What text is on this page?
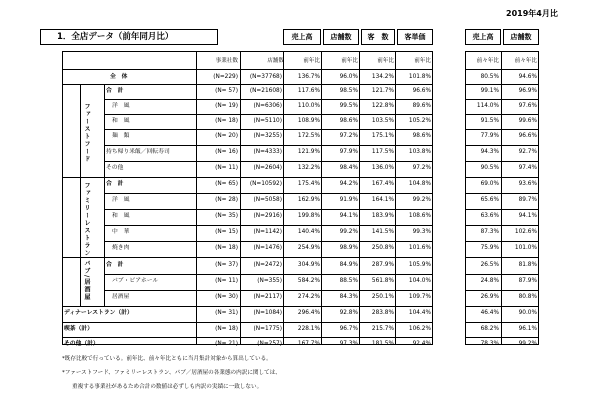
2019年4月比
1．全店データ（前年同月比）	売上高	店舗数	客　数	客単価	売上高	店舗数
事業社数	店舗数	前年比	前年比	前年比	前年比	前々年比	前々年比
ファーストフード
ファミリーレストラン
パブ/居酒屋
全　体	(N=229)	(N=37768)	136.7%	96.0%	134.2%	101.8%	80.5%	94.6%
合　計	(N= 57)	(N=21608)	117.6%	98.5%	121.7%	96.6%	99.1%	96.9%
洋　風	(N= 19)	(N=6306)	110.0%	99.5%	122.8%	89.6%	114.0%	97.6%
和　風	(N= 18)	(N=5110)	108.9%	98.6%	103.5%	105.2%	91.5%	99.6%
麺　類	(N= 20)	(N=3255)	172.5%	97.2%	175.1%	98.6%	77.9%	96.6%
持ち帰り米飯／回転寿司	(N= 16)	(N=4333)	121.9%	97.9%	117.5%	103.8%	94.3%	92.7%
その他	(N= 11)	(N=2604)	132.2%	98.4%	136.0%	97.2%	90.5%	97.4%
合　計	(N= 65)	(N=10592)	175.4%	94.2%	167.4%	104.8%	69.0%	93.6%
洋　風	(N= 28)	(N=5058)	162.9%	91.9%	164.1%	99.2%	65.6%	89.7%
和　風	(N= 35)	(N=2916)	199.8%	94.1%	183.9%	108.6%	63.6%	94.1%
中　華	(N= 15)	(N=1142)	140.4%	99.2%	141.5%	99.3%	87.3%	102.6%
焼き肉	(N= 18)	(N=1476)	254.9%	98.9%	250.8%	101.6%	75.9%	101.0%
合　計	(N= 37)	(N=2472)	304.9%	84.9%	287.9%	105.9%	26.5%	81.8%
パブ・ビアホール	(N= 11)	(N=355)	584.2%	88.5%	561.8%	104.0%	24.8%	87.9%
居酒屋	(N= 30)	(N=2117)	274.2%	84.3%	250.1%	109.7%	26.9%	80.8%
ディナーレストラン（計）	(N= 31)	(N=1084)	296.4%	92.8%	283.8%	104.4%	46.4%	90.0%
喫茶（計）	(N= 18)	(N=1775)	228.1%	96.7%	215.7%	106.2%	68.2%	96.1%
その他（計）	(N= 21)	(N=257)	167.7%	97.3%	181.5%	92.4%	78.3%	99.2%
*既存比較で行っている。前年比、前々年比ともに当月集計対象から算出している。
*ファーストフード、ファミリーレストラン、パブ／居酒屋の各業態の内訳に関しては、
重複する事業社があるため合計の数値は必ずしも内訳の実績に一致しない。
